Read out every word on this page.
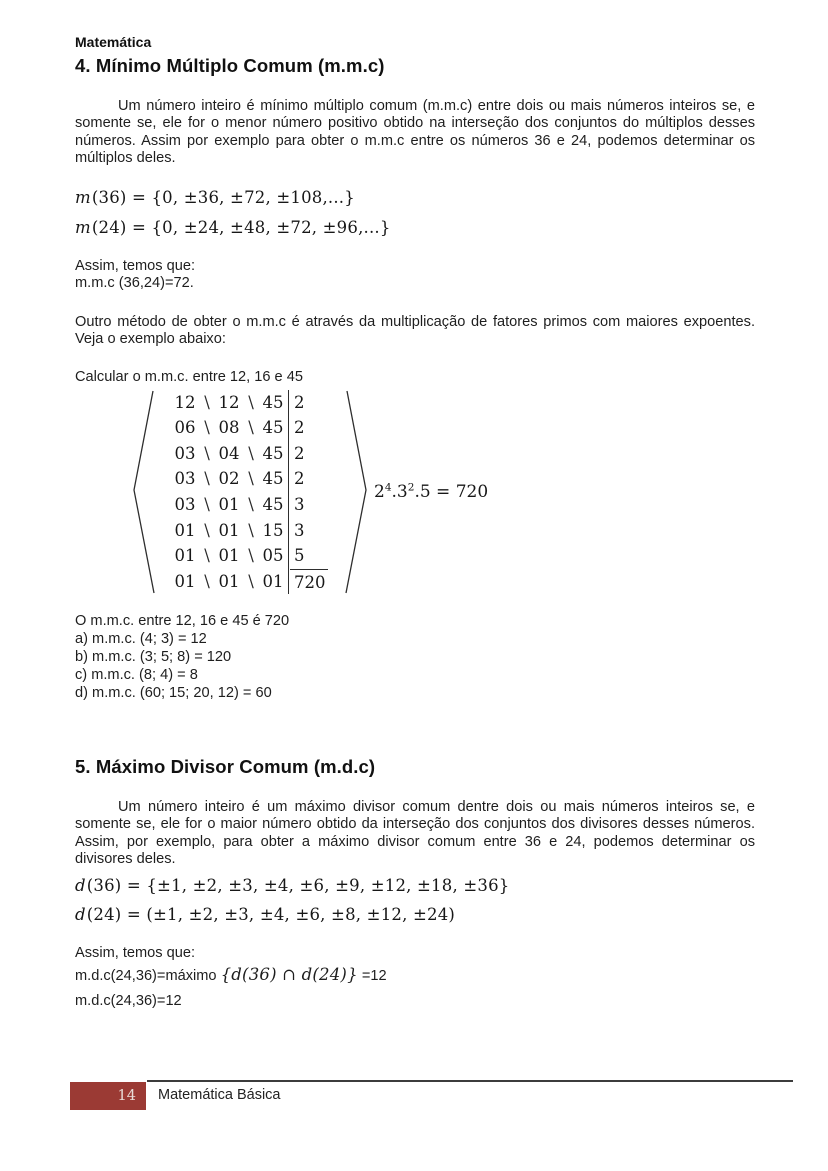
Matemática
4. Mínimo Múltiplo Comum (m.m.c)

Um número inteiro é mínimo múltiplo comum (m.m.c) entre dois ou mais números inteiros se, e somente se, ele for o menor número positivo obtido na interseção dos conjuntos do múltiplos desses números. Assim por exemplo para obter o m.m.c entre os números 36 e 24, podemos determinar os múltiplos deles.

m(36) = {0, ±36, ±72, ±108,...}
m(24) = {0, ±24, ±48, ±72, ±96,...}
Assim, temos que:
m.m.c (36,24)=72.

Outro método de obter o m.m.c é através da multiplicação de fatores primos com maiores expoentes. Veja o exemplo abaixo:

Calcular o m.m.c. entre 12, 16 e 45
12 \ 12 \ 45 2
06 \ 08 \ 45 2
03 \ 04 \ 45 2
03 \ 02 \ 45 2
03 \ 01 \ 45 3
01 \ 01 \ 15 3
01 \ 01 \ 05 5
01 \ 01 \ 01 720
$2^4.3^2.5 = 720$
O m.m.c. entre 12, 16 e 45 é 720
a) m.m.c. (4; 3) = 12
b) m.m.c. (3; 5; 8) = 120
c) m.m.c. (8; 4) = 8
d) m.m.c. (60; 15; 20, 12) = 60
5. Máximo Divisor Comum (m.d.c)

Um número inteiro é um máximo divisor comum dentre dois ou mais números inteiros se, e somente se, ele for o maior número obtido da interseção dos conjuntos dos divisores desses números. Assim, por exemplo, para obter a máximo divisor comum entre 36 e 24, podemos determinar os divisores deles.

d(36) = {±1, ±2, ±3, ±4, ±6, ±9, ±12, ±18, ±36}
d(24) = (±1, ±2, ±3, ±4, ±6, ±8, ±12, ±24)
Assim, temos que:
m.d.c(24,36)=máximo {d(36) ∩ d(24)} =12
m.d.c(24,36)=12
14 Matemática Básica
